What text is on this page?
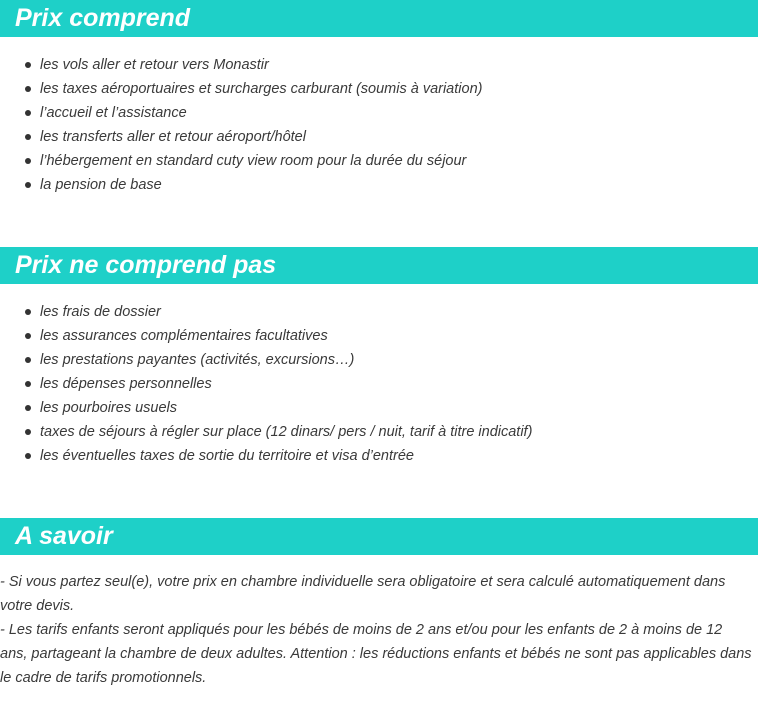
Prix comprend
les vols aller et retour vers Monastir
les taxes aéroportuaires et surcharges carburant (soumis à variation)
l’accueil et l’assistance
les transferts aller et retour aéroport/hôtel
l’hébergement en standard cuty view room pour la durée du séjour
la pension de base
Prix ne comprend pas
les frais de dossier
les assurances complémentaires facultatives
les prestations payantes (activités, excursions…)
les dépenses personnelles
les pourboires usuels
taxes de séjours à régler sur place (12 dinars/ pers / nuit, tarif à titre indicatif)
les éventuelles taxes de sortie du territoire et visa d’entrée
A savoir

- Si vous partez seul(e), votre prix en chambre individuelle sera obligatoire et sera calculé automatiquement dans votre devis.

- Les tarifs enfants seront appliqués pour les bébés de moins de 2 ans et/ou pour les enfants de 2 à moins de 12 ans, partageant la chambre de deux adultes. Attention : les réductions enfants et bébés ne sont pas applicables dans le cadre de tarifs promotionnels.
